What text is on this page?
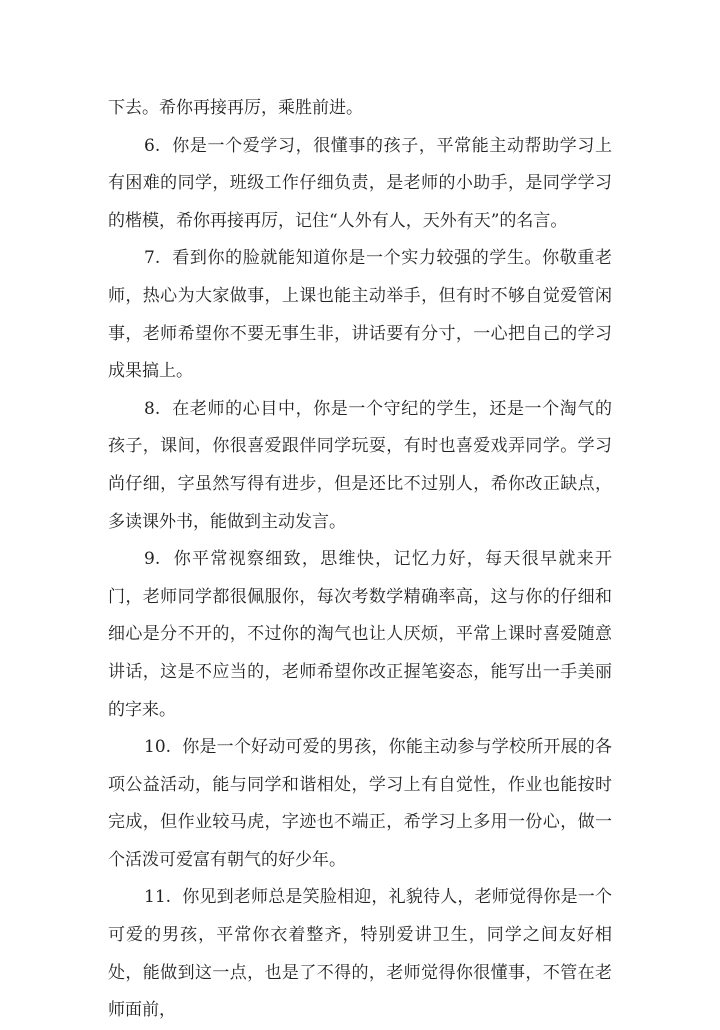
下去。希你再接再厉，乘胜前进。

6. 你是一个爱学习，很懂事的孩子，平常能主动帮助学习上有困难的同学，班级工作仔细负责，是老师的小助手，是同学学习的楷模，希你再接再厉，记住“人外有人，天外有天”的名言。

7. 看到你的脸就能知道你是一个实力较强的学生。你敬重老师，热心为大家做事，上课也能主动举手，但有时不够自觉爱管闲事，老师希望你不要无事生非，讲话要有分寸，一心把自己的学习成果搞上。

8. 在老师的心目中，你是一个守纪的学生，还是一个淘气的孩子，课间，你很喜爱跟伴同学玩耍，有时也喜爱戏弄同学。学习尚仔细，字虽然写得有进步，但是还比不过别人，希你改正缺点，多读课外书，能做到主动发言。

9. 你平常视察细致，思维快，记忆力好，每天很早就来开门，老师同学都很佩服你，每次考数学精确率高，这与你的仔细和细心是分不开的，不过你的淘气也让人厌烦，平常上课时喜爱随意讲话，这是不应当的，老师希望你改正握笔姿态，能写出一手美丽的字来。

10. 你是一个好动可爱的男孩，你能主动参与学校所开展的各项公益活动，能与同学和谐相处，学习上有自觉性，作业也能按时完成，但作业较马虎，字迹也不端正，希学习上多用一份心，做一个活泼可爱富有朝气的好少年。

11. 你见到老师总是笑脸相迎，礼貌待人，老师觉得你是一个可爱的男孩，平常你衣着整齐，特别爱讲卫生，同学之间友好相处，能做到这一点，也是了不得的，老师觉得你很懂事，不管在老师面前，
